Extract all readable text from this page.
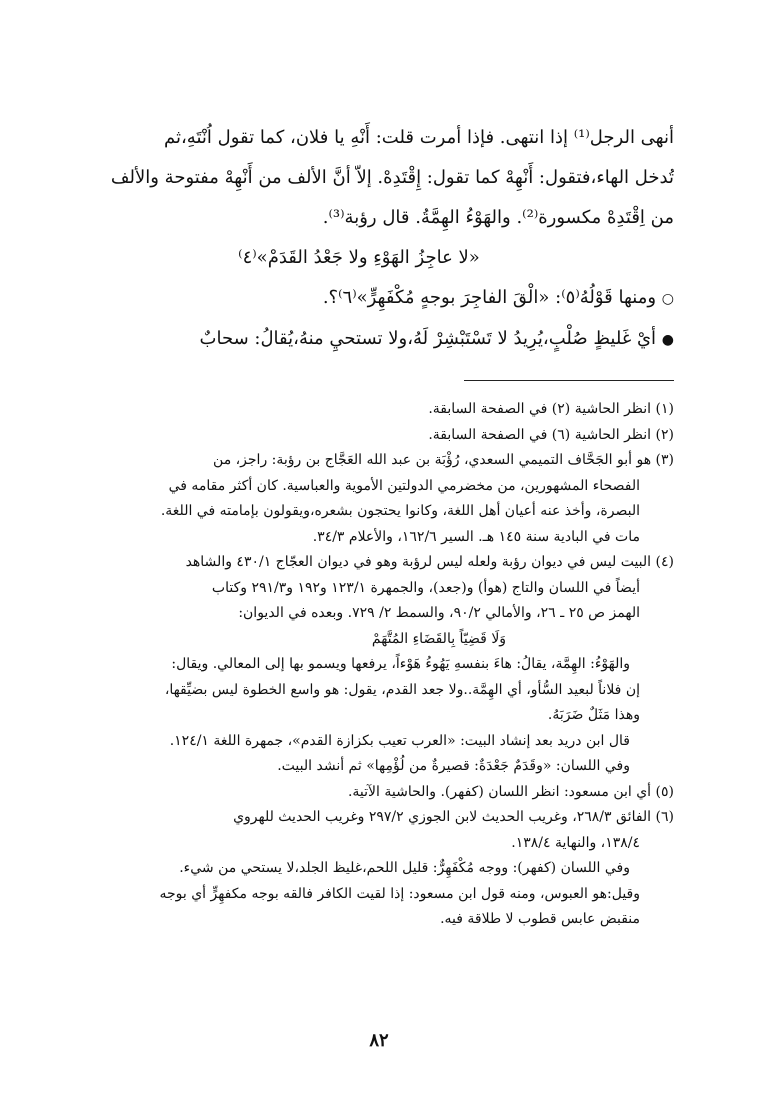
أنهى الرجل⁽¹⁾ إذا انتهى. فإذا أمرت قلت: أَنْهِ يا فلان، كما تقول اُنْتَهِ،ثم
تُدخل الهاء،فتقول: أَنْهِهْ كما تقول: إِقْتَدِهْ. إلاّ أنَّ الألف من أَنْهِهْ مفتوحة والألف
من اِقْتَدِهْ مكسورة⁽²⁾. والهَوْءُ الهِمَّةُ. قال رؤبة⁽³⁾.
«لا عاجِزُ الهَوْءِ ولا جَعْدُ القَدَمْ»⁽٤⁾
○ ومنها قَوْلُهُ⁽٥⁾: «الْقَ الفاجِرَ بوجهٍ مُكْفَهِرٍّ»⁽٦⁾؟.
● أيْ غَليظٍ صُلْبٍ،يُرِيدُ لا تَسْتَبْشِرْ لَهُ،ولا تستحيِ منهُ،يُقالُ: سحابٌ
(١) انظر الحاشية (٢) في الصفحة السابقة.
(٢) انظر الحاشية (٦) في الصفحة السابقة.
(٣) هو أبو الجَحَّاف التميمي السعدي، رُؤْبَة بن عبد الله العَجَّاج بن رؤبة: راجز، من
الفصحاء المشهورين، من مخضرمي الدولتين الأموية والعباسية. كان أكثر مقامه في
البصرة، وأخذ عنه أعيان أهل اللغة، وكانوا يحتجون بشعره،ويقولون بإمامته في اللغة.
مات في البادية سنة ١٤٥ هـ. السير ١٦٢/٦، والأعلام ٣٤/٣.
(٤) البيت ليس في ديوان رؤبة ولعله ليس لرؤبة وهو في ديوان العجّاج ٤٣٠/١ والشاهد
أيضاً في اللسان والتاج (هوأ) و(جعد)، والجمهرة ١٢٣/١ و١٩٢ و٢٩١/٣ وكتاب
الهمز ص ٢٥ ـ ٢٦، والأمالي ٩٠/٢، والسمط ٢/ ٧٢٩. وبعده في الديوان:
وَلَا قَضِيّاً بِالقَضَاءِ المُتَّهَمْ
والهَوْءُ: الهِمَّة، يقالُ: هاءَ بنفسهِ يَهُوءُ هَوْءاً، يرفعها ويسمو بها إلى المعالي. ويقال:
إن فلاناً لبعيد السُّأو، أي الهِمَّة..ولا جعد القدم، يقول: هو واسع الخطوة ليس بضيِّقها،
وهذا مَثَلٌ ضَرَبَهُ.
قال ابن دريد بعد إنشاد البيت: «العرب تعيب بكزازة القدم»، جمهرة اللغة ١٢٤/١.
وفي اللسان: «وقَدَمٌ جَعْدَةٌ: قصيرةٌ من لُؤْمِها» ثم أنشد البيت.
(٥) أي ابن مسعود: انظر اللسان (كفهر). والحاشية الآتية.
(٦) الفائق ٢٦٨/٣، وغريب الحديث لابن الجوزي ٢٩٧/٢ وغريب الحديث للهروي
١٣٨/٤، والنهاية ١٣٨/٤.
وفي اللسان (كفهر): ووجه مُكْفَهِرٌّ: قليل اللحم،غليظ الجلد،لا يستحي من شيء.
وقيل:هو العبوس، ومنه قول ابن مسعود: إذا لقيت الكافر فالقه بوجه مكفهِرٍّ أي بوجه
منقبض عابس قطوب لا طلاقة فيه.
٨٢
